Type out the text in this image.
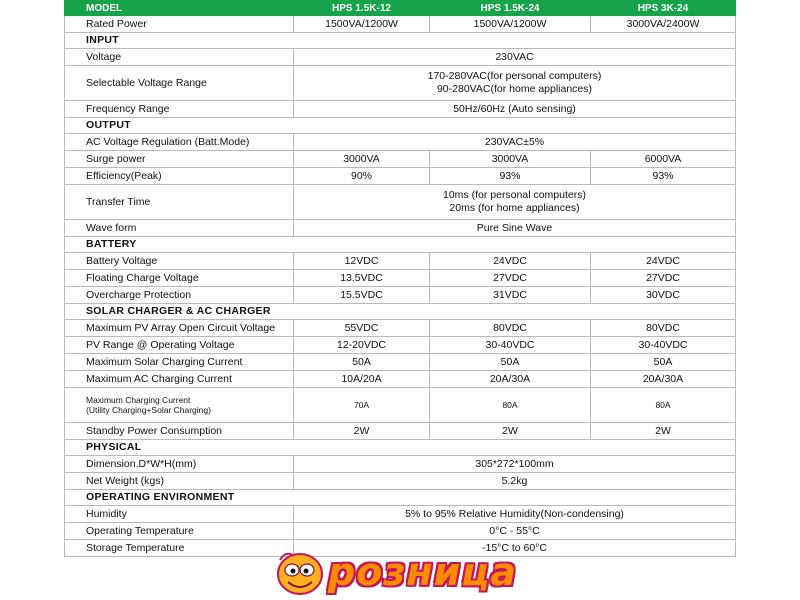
MODEL	HPS 1.5K-12	HPS 1.5K-24	HPS 3K-24
Rated Power	1500VA/1200W	1500VA/1200W	3000VA/2400W
INPUT			
Voltage	230VAC		
Selectable Voltage Range	170-280VAC(for personal computers)
90-280VAC(for home appliances)		

Frequency Range	50Hz/60Hz (Auto sensing)		
OUTPUT			
AC Voltage Regulation (Batt.Mode)	230VAC±5%		
Surge power	3000VA	3000VA	6000VA
Efficiency(Peak)	90%	93%	93%
Transfer Time	10ms (for personal computers)
20ms (for home appliances)		

Wave form	Pure Sine Wave		
BATTERY			
Battery Voltage	12VDC	24VDC	24VDC
Floating Charge Voltage	13.5VDC	27VDC	27VDC
Overcharge Protection	15.5VDC	31VDC	30VDC
SOLAR CHARGER & AC CHARGER			
Maximum PV Array Open Circuit Voltage	55VDC	80VDC	80VDC
PV Range @ Operating Voltage	12-20VDC	30-40VDC	30-40VDC
Maximum Solar Charging Current	50A	50A	50A
Maximum AC Charging Current	10A/20A	20A/30A	20A/30A

Maximum Charging Current
(Utility Charging+Solar Charging)	70A	80A	80A
Standby Power Consumption	2W	2W	2W
PHYSICAL			
Dimension.D*W*H(mm)	305*272*100mm		
Net Weight (kgs)	5.2kg		
OPERATING ENVIRONMENT			
Humidity	5% to 95% Relative Humidity(Non-condensing)		
Operating Temperature	0°C - 55°C		
Storage Temperature	-15°C to 60°C		
розница
